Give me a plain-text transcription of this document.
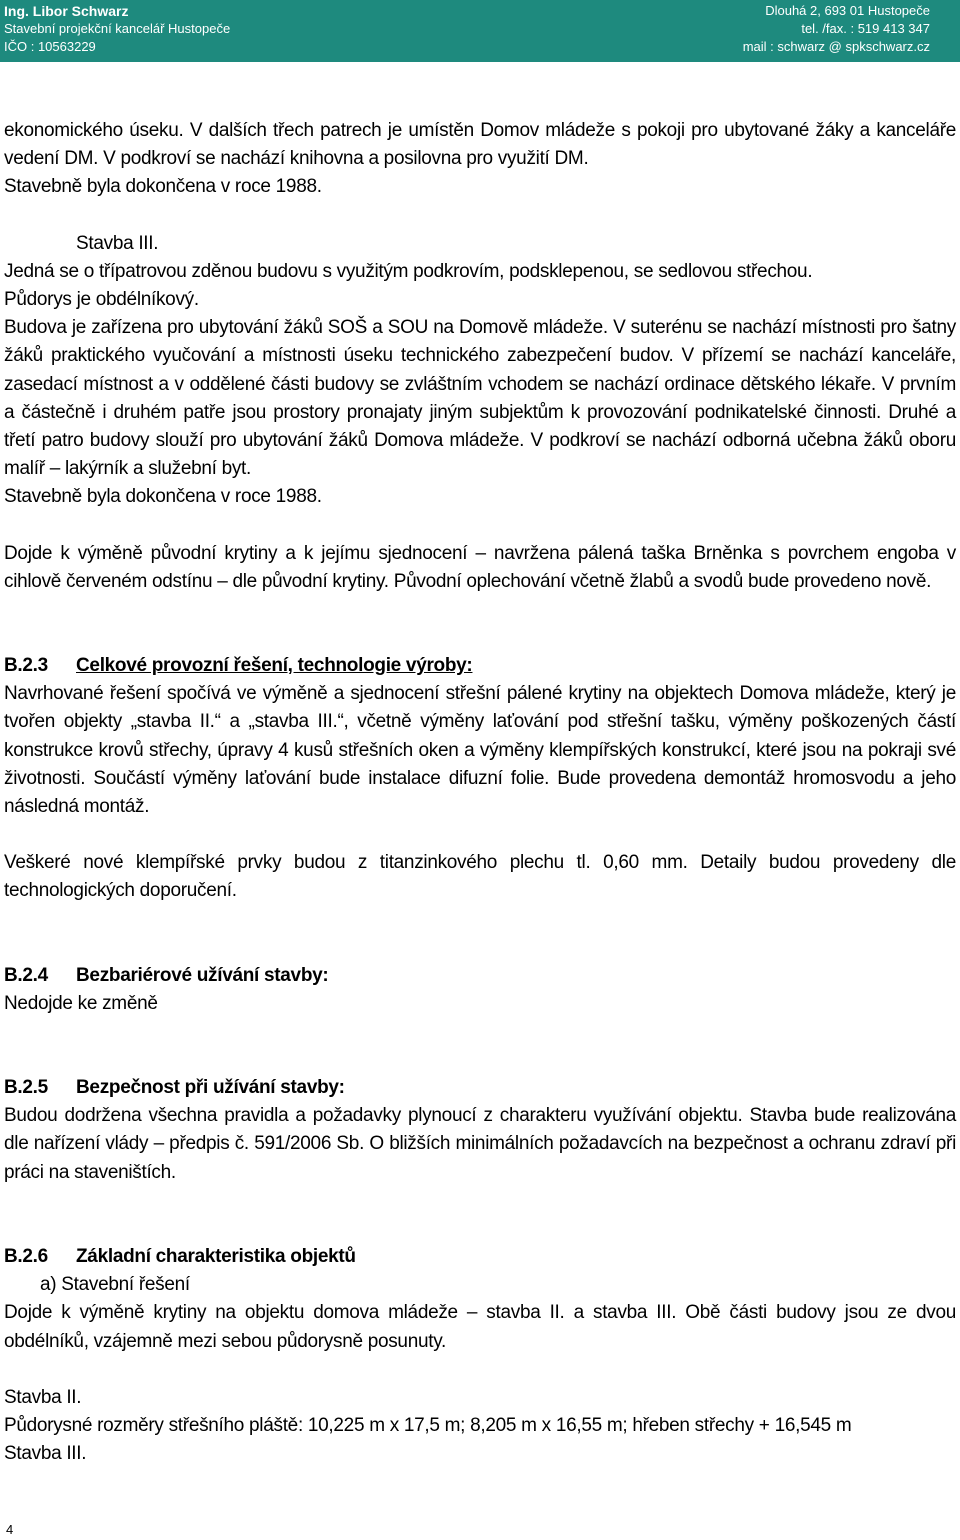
Ing. Libor Schwarz
Stavební projekční kancelář Hustopeče
IČO : 10563229
Dlouhá 2, 693 01 Hustopeče
tel. /fax. : 519 413 347
mail : schwarz @ spkschwarz.cz

ekonomického úseku. V dalších třech patrech je umístěn Domov mládeže s pokoji pro ubytované žáky a kanceláře vedení DM. V podkroví se nachází knihovna a posilovna pro využití DM.

Stavebně byla dokončena v roce 1988.

Stavba III.

Jedná se o třípatrovou zděnou budovu s využitým podkrovím, podsklepenou, se sedlovou střechou.

Půdorys je obdélníkový.

Budova je zařízena pro ubytování žáků SOŠ a SOU na Domově mládeže. V suterénu se nachází místnosti pro šatny žáků praktického vyučování a místnosti úseku technického zabezpečení budov. V přízemí se nachází kanceláře, zasedací místnost a v oddělené části budovy se zvláštním vchodem se nachází ordinace dětského lékaře. V prvním a částečně i druhém patře jsou prostory pronajaty jiným subjektům k provozování podnikatelské činnosti. Druhé a třetí patro budovy slouží pro ubytování žáků Domova mládeže. V podkroví se nachází odborná učebna žáků oboru malíř – lakýrník a služební byt.

Stavebně byla dokončena v roce 1988.

Dojde k výměně původní krytiny a k jejímu sjednocení – navržena pálená taška Brněnka s povrchem engoba v cihlově červeném odstínu – dle původní krytiny. Původní oplechování včetně žlabů a svodů bude provedeno nově.

B.2.3 Celkové provozní řešení, technologie výroby:

Navrhované řešení spočívá ve výměně a sjednocení střešní pálené krytiny na objektech Domova mládeže, který je tvořen objekty „stavba II.“ a „stavba III.“, včetně výměny laťování pod střešní tašku, výměny poškozených částí konstrukce krovů střechy, úpravy 4 kusů střešních oken a výměny klempířských konstrukcí, které jsou na pokraji své životnosti. Součástí výměny laťování bude instalace difuzní folie. Bude provedena demontáž hromosvodu a jeho následná montáž.

Veškeré nové klempířské prvky budou z titanzinkového plechu tl. 0,60 mm. Detaily budou provedeny dle technologických doporučení.

B.2.4 Bezbariérové užívání stavby:

Nedojde ke změně

B.2.5 Bezpečnost při užívání stavby:

Budou dodržena všechna pravidla a požadavky plynoucí z charakteru využívání objektu. Stavba bude realizována dle nařízení vlády – předpis č. 591/2006 Sb. O bližších minimálních požadavcích na bezpečnost a ochranu zdraví při práci na staveništích.

B.2.6 Základní charakteristika objektů

a) Stavební řešení

Dojde k výměně krytiny na objektu domova mládeže – stavba II. a stavba III. Obě části budovy jsou ze dvou obdélníků, vzájemně mezi sebou půdorysně posunuty.

Stavba II.

Půdorysné rozměry střešního pláště: 10,225 m x 17,5 m; 8,205 m x 16,55 m; hřeben střechy + 16,545 m

Stavba III.

4
